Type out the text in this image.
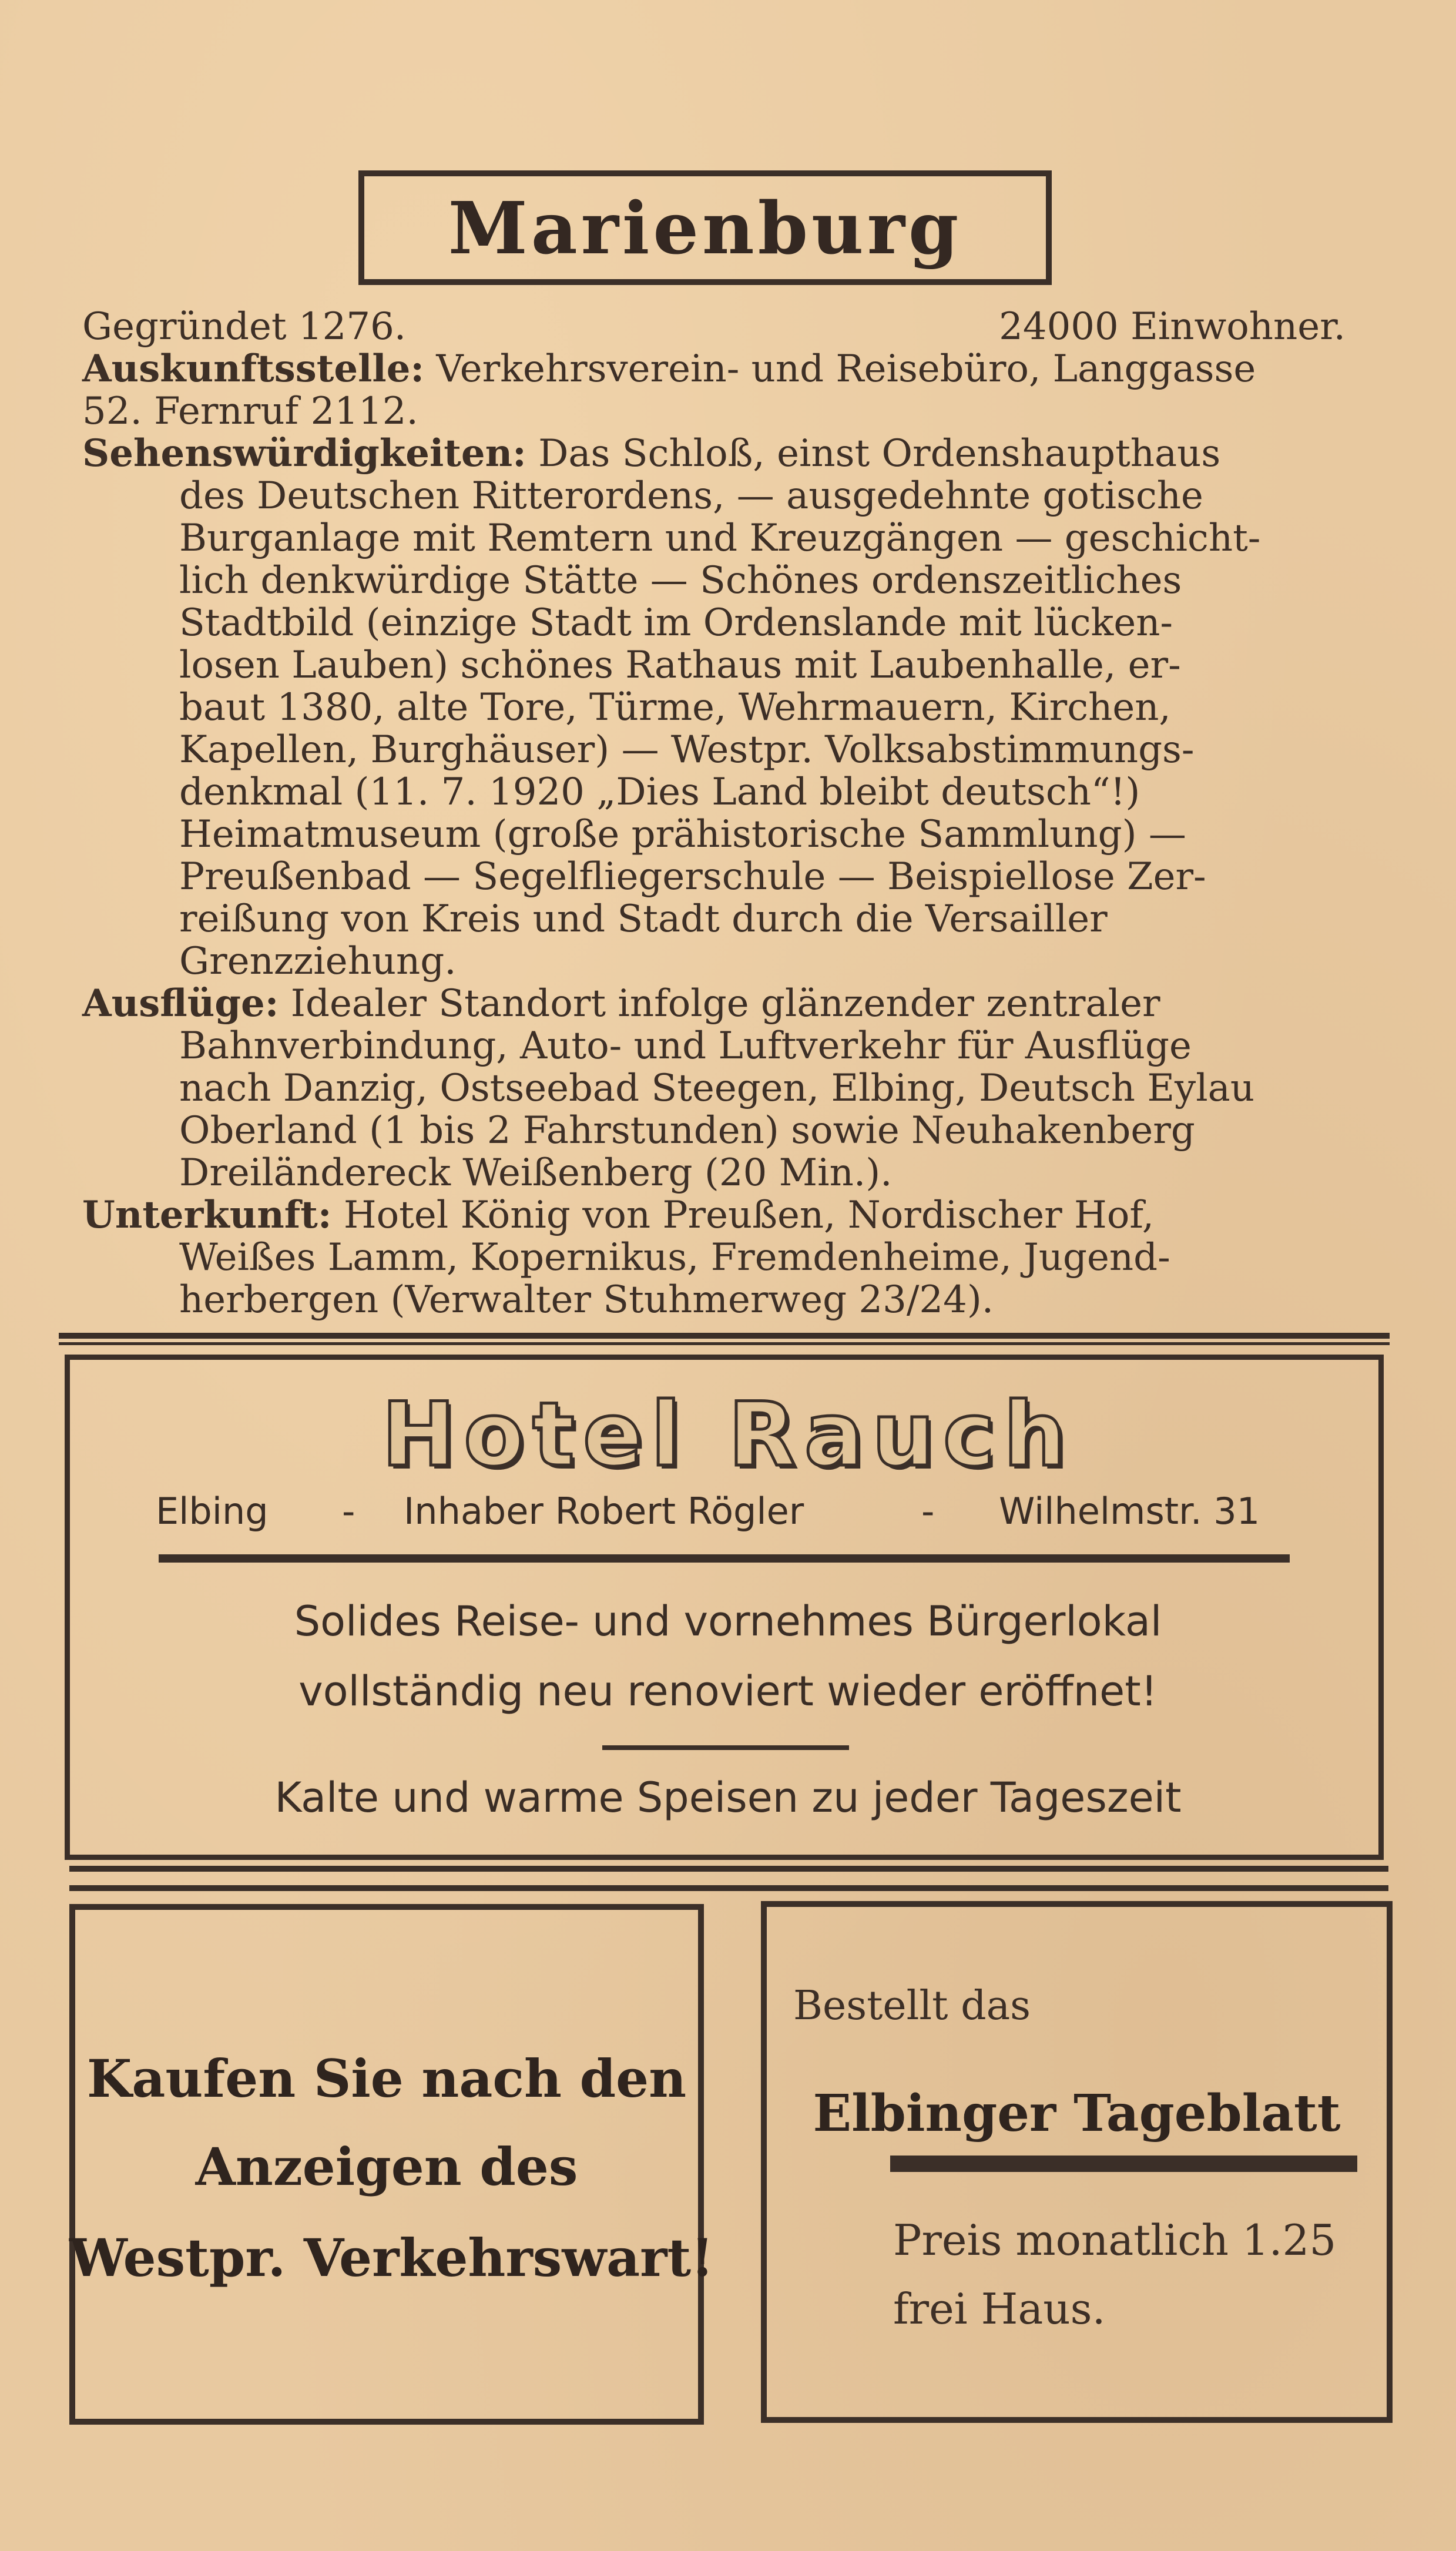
Marienburg
Gegründet 1276.	24000 Einwohner.
Auskunftsstelle: Verkehrsverein- und Reisebüro, Langgasse
52. Fernruf 2112.
Sehenswürdigkeiten: Das Schloß, einst Ordenshaupthaus
des Deutschen Ritterordens, — ausgedehnte gotische
Burganlage mit Remtern und Kreuzgängen — geschicht-
lich denkwürdige Stätte — Schönes ordenszeitliches
Stadtbild (einzige Stadt im Ordenslande mit lücken-
losen Lauben) schönes Rathaus mit Laubenhalle, er-
baut 1380, alte Tore, Türme, Wehrmauern, Kirchen,
Kapellen, Burghäuser) — Westpr. Volksabstimmungs-
denkmal (11. 7. 1920 „Dies Land bleibt deutsch“!)
Heimatmuseum (große prähistorische Sammlung) —
Preußenbad — Segelfliegerschule — Beispiellose Zer-
reißung von Kreis und Stadt durch die Versailler
Grenzziehung.
Ausflüge: Idealer Standort infolge glänzender zentraler
Bahnverbindung, Auto- und Luftverkehr für Ausflüge
nach Danzig, Ostseebad Steegen, Elbing, Deutsch Eylau
Oberland (1 bis 2 Fahrstunden) sowie Neuhakenberg
Dreiländereck Weißenberg (20 Min.).
Unterkunft: Hotel König von Preußen, Nordischer Hof,
Weißes Lamm, Kopernikus, Fremdenheime, Jugend-
herbergen (Verwalter Stuhmerweg 23/24).
Hotel Rauch
Elbing - Inhaber Robert Rögler	- Wilhelmstr. 31
Solides Reise- und vornehmes Bürgerlokal
vollständig neu renoviert wieder eröffnet!
Kalte und warme Speisen zu jeder Tageszeit
Kaufen Sie nach den
Anzeigen des
Westpr. Verkehrswart!
Bestellt das
Elbinger Tageblatt
Preis monatlich 1.25
frei Haus.
